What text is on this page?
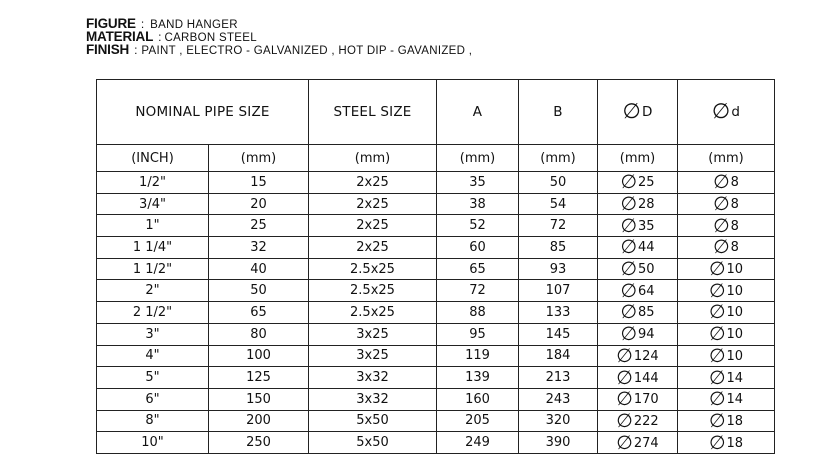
FIGURE : BAND HANGER
MATERIAL : CARBON STEEL
FINISH : PAINT , ELECTRO - GALVANIZED , HOT DIP - GAVANIZED ,
NOMINAL PIPE SIZE		STEEL SIZE	A	B	∅D	∅d
(INCH)	(mm)	(mm)	(mm)	(mm)	(mm)	(mm)
1/2"	15	2x25	35	50	∅25	∅8
3/4"	20	2x25	38	54	∅28	∅8
1"	25	2x25	52	72	∅35	∅8
1 1/4"	32	2x25	60	85	∅44	∅8
1 1/2"	40	2.5x25	65	93	∅50	∅10
2"	50	2.5x25	72	107	∅64	∅10
2 1/2"	65	2.5x25	88	133	∅85	∅10
3"	80	3x25	95	145	∅94	∅10
4"	100	3x25	119	184	∅124	∅10
5"	125	3x32	139	213	∅144	∅14
6"	150	3x32	160	243	∅170	∅14
8"	200	5x50	205	320	∅222	∅18
10"	250	5x50	249	390	∅274	∅18
